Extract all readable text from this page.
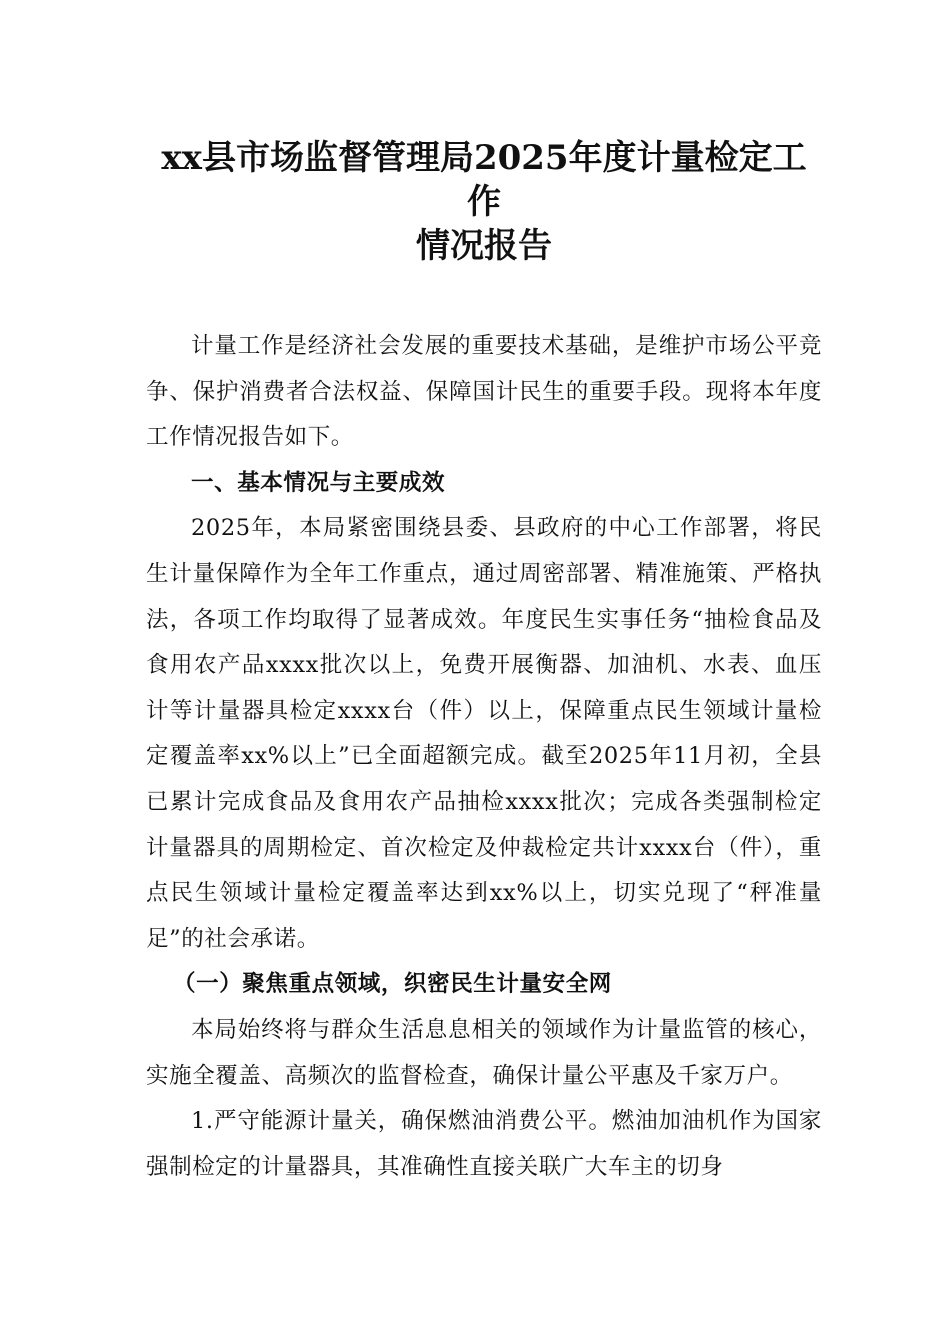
xx县市场监督管理局2025年度计量检定工作
情况报告

计量工作是经济社会发展的重要技术基础，是维护市场公平竞争、保护消费者合法权益、保障国计民生的重要手段。现将本年度工作情况报告如下。

一、基本情况与主要成效

2025年，本局紧密围绕县委、县政府的中心工作部署，将民生计量保障作为全年工作重点，通过周密部署、精准施策、严格执法，各项工作均取得了显著成效。年度民生实事任务“抽检食品及食用农产品xxxx批次以上，免费开展衡器、加油机、水表、血压计等计量器具检定xxxx台（件）以上，保障重点民生领域计量检定覆盖率xx%以上”已全面超额完成。截至2025年11月初，全县已累计完成食品及食用农产品抽检xxxx批次；完成各类强制检定计量器具的周期检定、首次检定及仲裁检定共计xxxx台（件），重点民生领域计量检定覆盖率达到xx%以上，切实兑现了“秤准量足”的社会承诺。

（一）聚焦重点领域，织密民生计量安全网

本局始终将与群众生活息息相关的领域作为计量监管的核心，实施全覆盖、高频次的监督检查，确保计量公平惠及千家万户。

1.严守能源计量关，确保燃油消费公平。燃油加油机作为国家强制检定的计量器具，其准确性直接关联广大车主的切身
